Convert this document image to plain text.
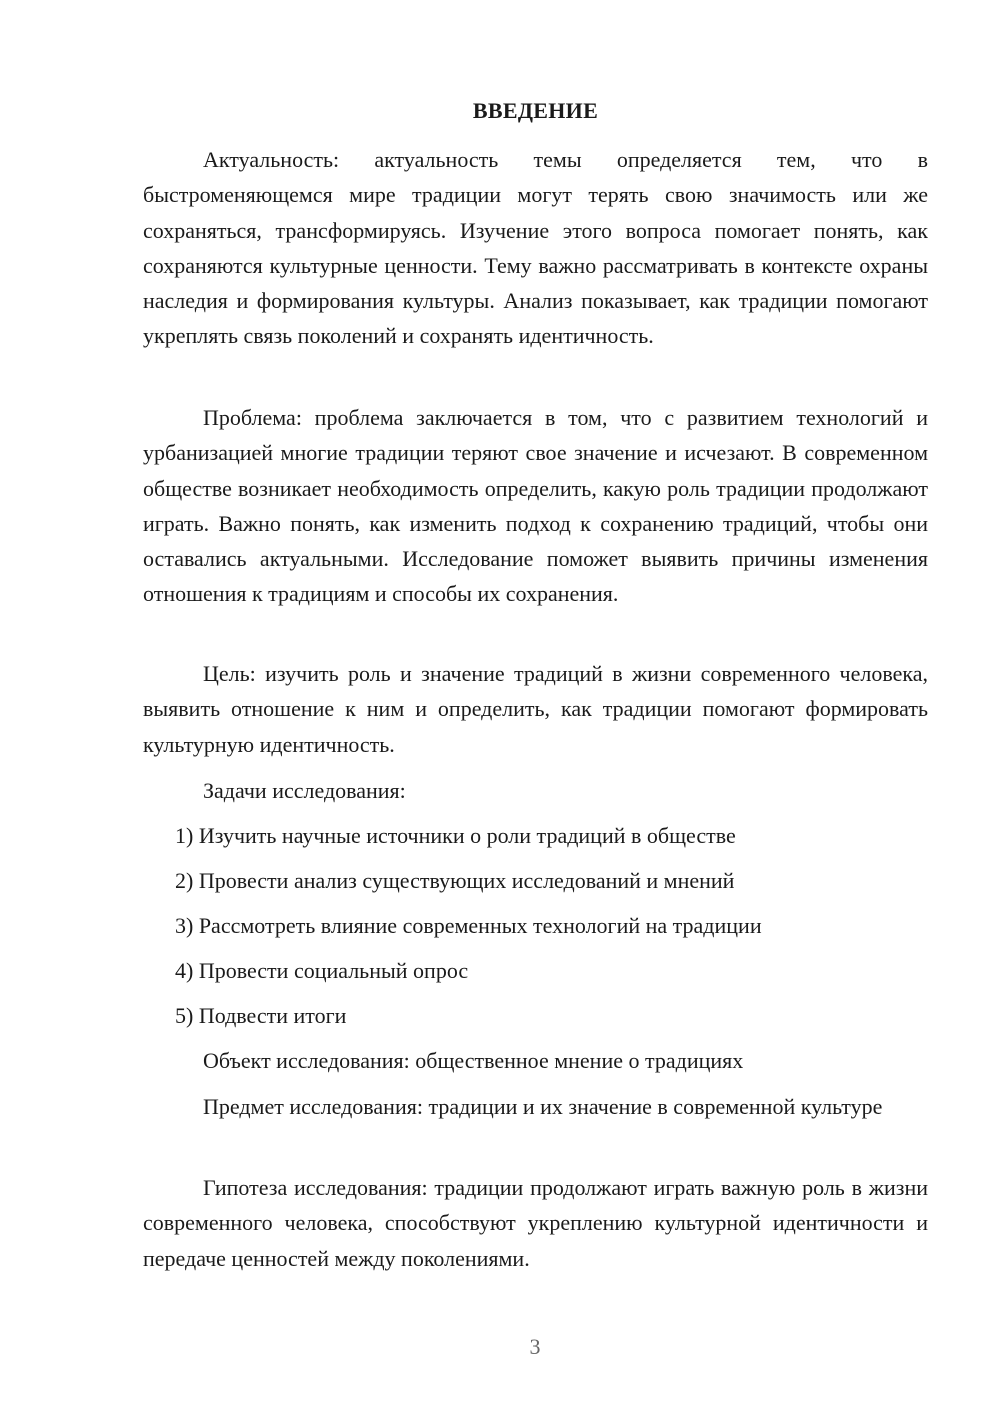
ВВЕДЕНИЕ

Актуальность: актуальность темы определяется тем, что в быстроменяющемся мире традиции могут терять свою значимость или же сохраняться, трансформируясь. Изучение этого вопроса помогает понять, как сохраняются культурные ценности. Тему важно рассматривать в контексте охраны наследия и формирования культуры. Анализ показывает, как традиции помогают укреплять связь поколений и сохранять идентичность.

Проблема: проблема заключается в том, что с развитием технологий и урбанизацией многие традиции теряют свое значение и исчезают. В современном обществе возникает необходимость определить, какую роль традиции продолжают играть. Важно понять, как изменить подход к сохранению традиций, чтобы они оставались актуальными. Исследование поможет выявить причины изменения отношения к традициям и способы их сохранения.

Цель: изучить роль и значение традиций в жизни современного человека, выявить отношение к ним и определить, как традиции помогают формировать культурную идентичность.

Задачи исследования:

1) Изучить научные источники о роли традиций в обществе

2) Провести анализ существующих исследований и мнений

3) Рассмотреть влияние современных технологий на традиции

4) Провести социальный опрос

5) Подвести итоги

Объект исследования: общественное мнение о традициях

Предмет исследования: традиции и их значение в современной культуре

Гипотеза исследования: традиции продолжают играть важную роль в жизни современного человека, способствуют укреплению культурной идентичности и передаче ценностей между поколениями.

3
